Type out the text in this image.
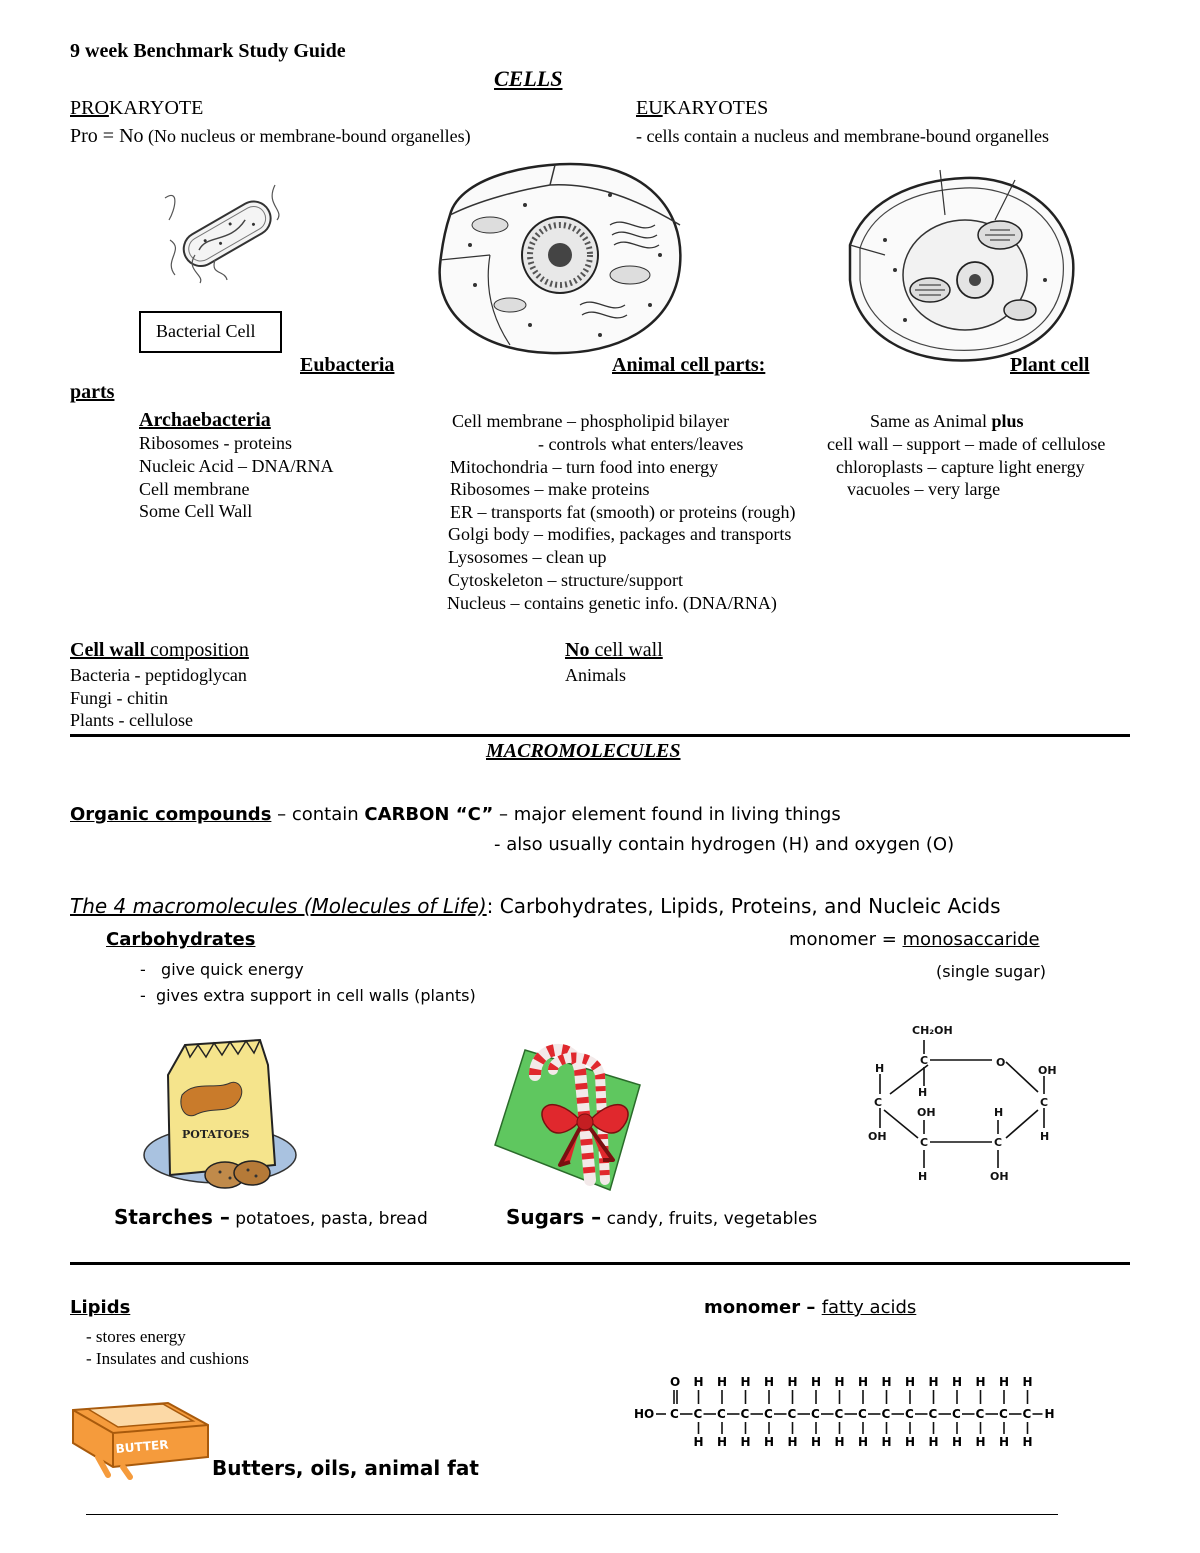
9 week Benchmark Study Guide
CELLS
PROKARYOTE
Pro = No (No nucleus or membrane-bound organelles)
EUKARYOTES
- cells contain a nucleus and membrane-bound organelles
Bacterial Cell
Eubacteria	Animal cell parts:	Plant cell
parts
Archaebacteria
Ribosomes - proteins
Nucleic Acid – DNA/RNA
Cell membrane
Some Cell Wall
Cell membrane – phospholipid bilayer
- controls what enters/leaves
Mitochondria – turn food into energy
Ribosomes – make proteins
ER – transports fat (smooth) or proteins (rough)
Golgi body – modifies, packages and transports
Lysosomes – clean up
Cytoskeleton – structure/support
Nucleus – contains genetic info. (DNA/RNA)
Same as Animal plus
cell wall – support – made of cellulose
chloroplasts – capture light energy
vacuoles – very large
Cell wall composition
Bacteria - peptidoglycan
Fungi - chitin
Plants - cellulose
No cell wall
Animals
MACROMOLECULES
Organic compounds – contain CARBON “C” – major element found in living things
- also usually contain hydrogen (H) and oxygen (O)
The 4 macromolecules (Molecules of Life): Carbohydrates, Lipids, Proteins, and Nucleic Acids
Carbohydrates	monomer = monosaccaride
(single sugar)
-   give quick energy
-  gives extra support in cell walls (plants)
POTATOES
CH₂OH
O
H
C
H
OH
C	C
OH
OH
H
C	C
H
H	OH
Starches – potatoes, pasta, bread	Sugars – candy, fruits, vegetables
Lipids	monomer – fatty acids
- stores energy
- Insulates and cushions
BUTTER
Butters, oils, animal fat
HO C
O
C
H
H
C
H
H
C
H
H
C
H
H
C
H
H
C
H
H
C
H
H
C
H
H
C
H
H
C
H
H
C
H
H
C
H
H
C
H
H
C
H
H
C
H
H
H
